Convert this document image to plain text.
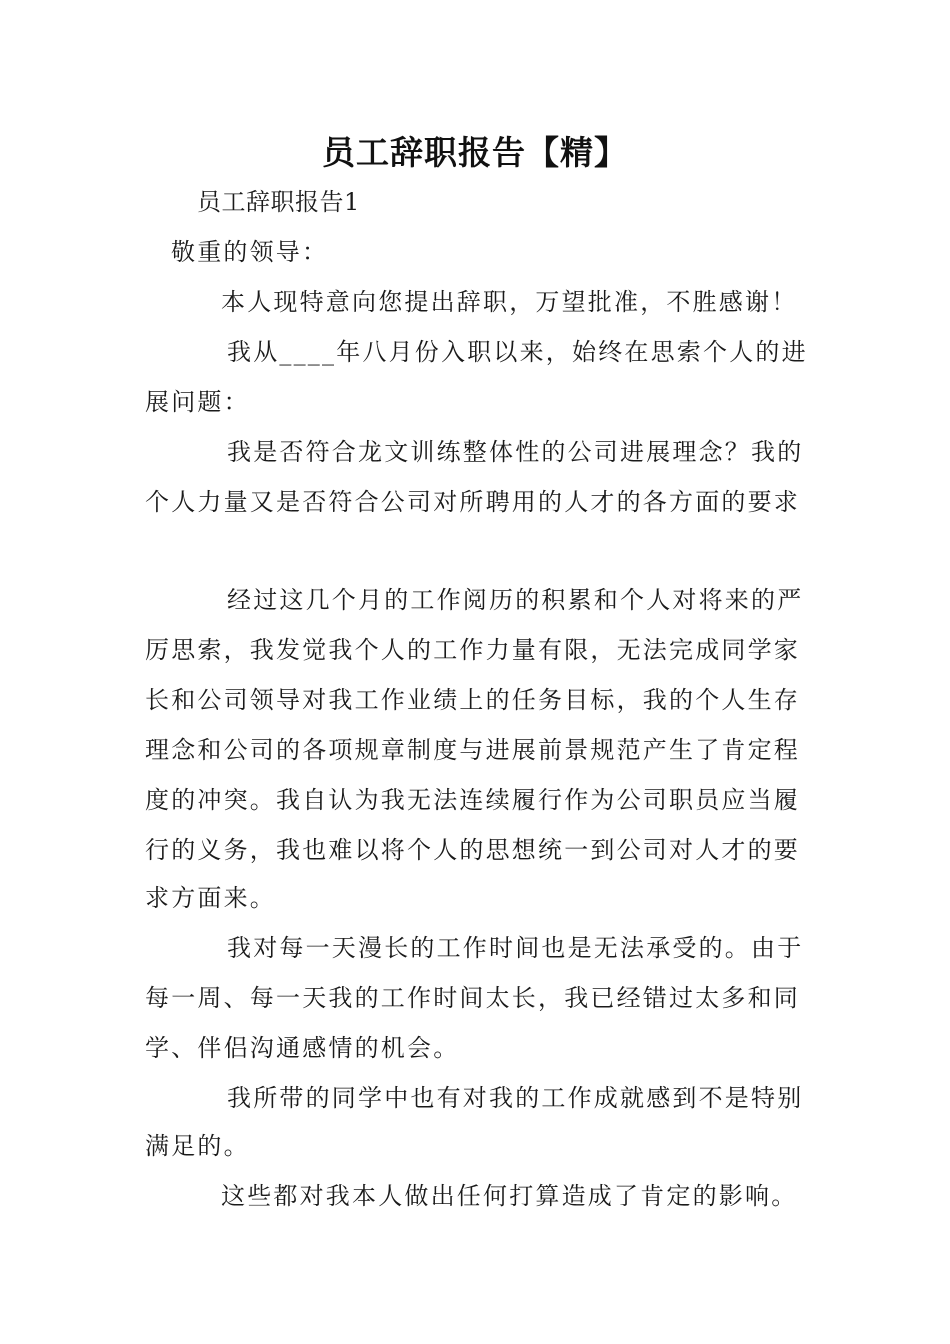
员工辞职报告【精】
员工辞职报告1
敬重的领导：
本人现特意向您提出辞职，万望批准，不胜感谢！
我从____年八月份入职以来，始终在思索个人的进
展问题：
我是否符合龙文训练整体性的公司进展理念？我的
个人力量又是否符合公司对所聘用的人才的各方面的要求
经过这几个月的工作阅历的积累和个人对将来的严
厉思索，我发觉我个人的工作力量有限，无法完成同学家
长和公司领导对我工作业绩上的任务目标，我的个人生存
理念和公司的各项规章制度与进展前景规范产生了肯定程
度的冲突。我自认为我无法连续履行作为公司职员应当履
行的义务，我也难以将个人的思想统一到公司对人才的要
求方面来。
我对每一天漫长的工作时间也是无法承受的。由于
每一周、每一天我的工作时间太长，我已经错过太多和同
学、伴侣沟通感情的机会。
我所带的同学中也有对我的工作成就感到不是特别
满足的。
这些都对我本人做出任何打算造成了肯定的影响。
